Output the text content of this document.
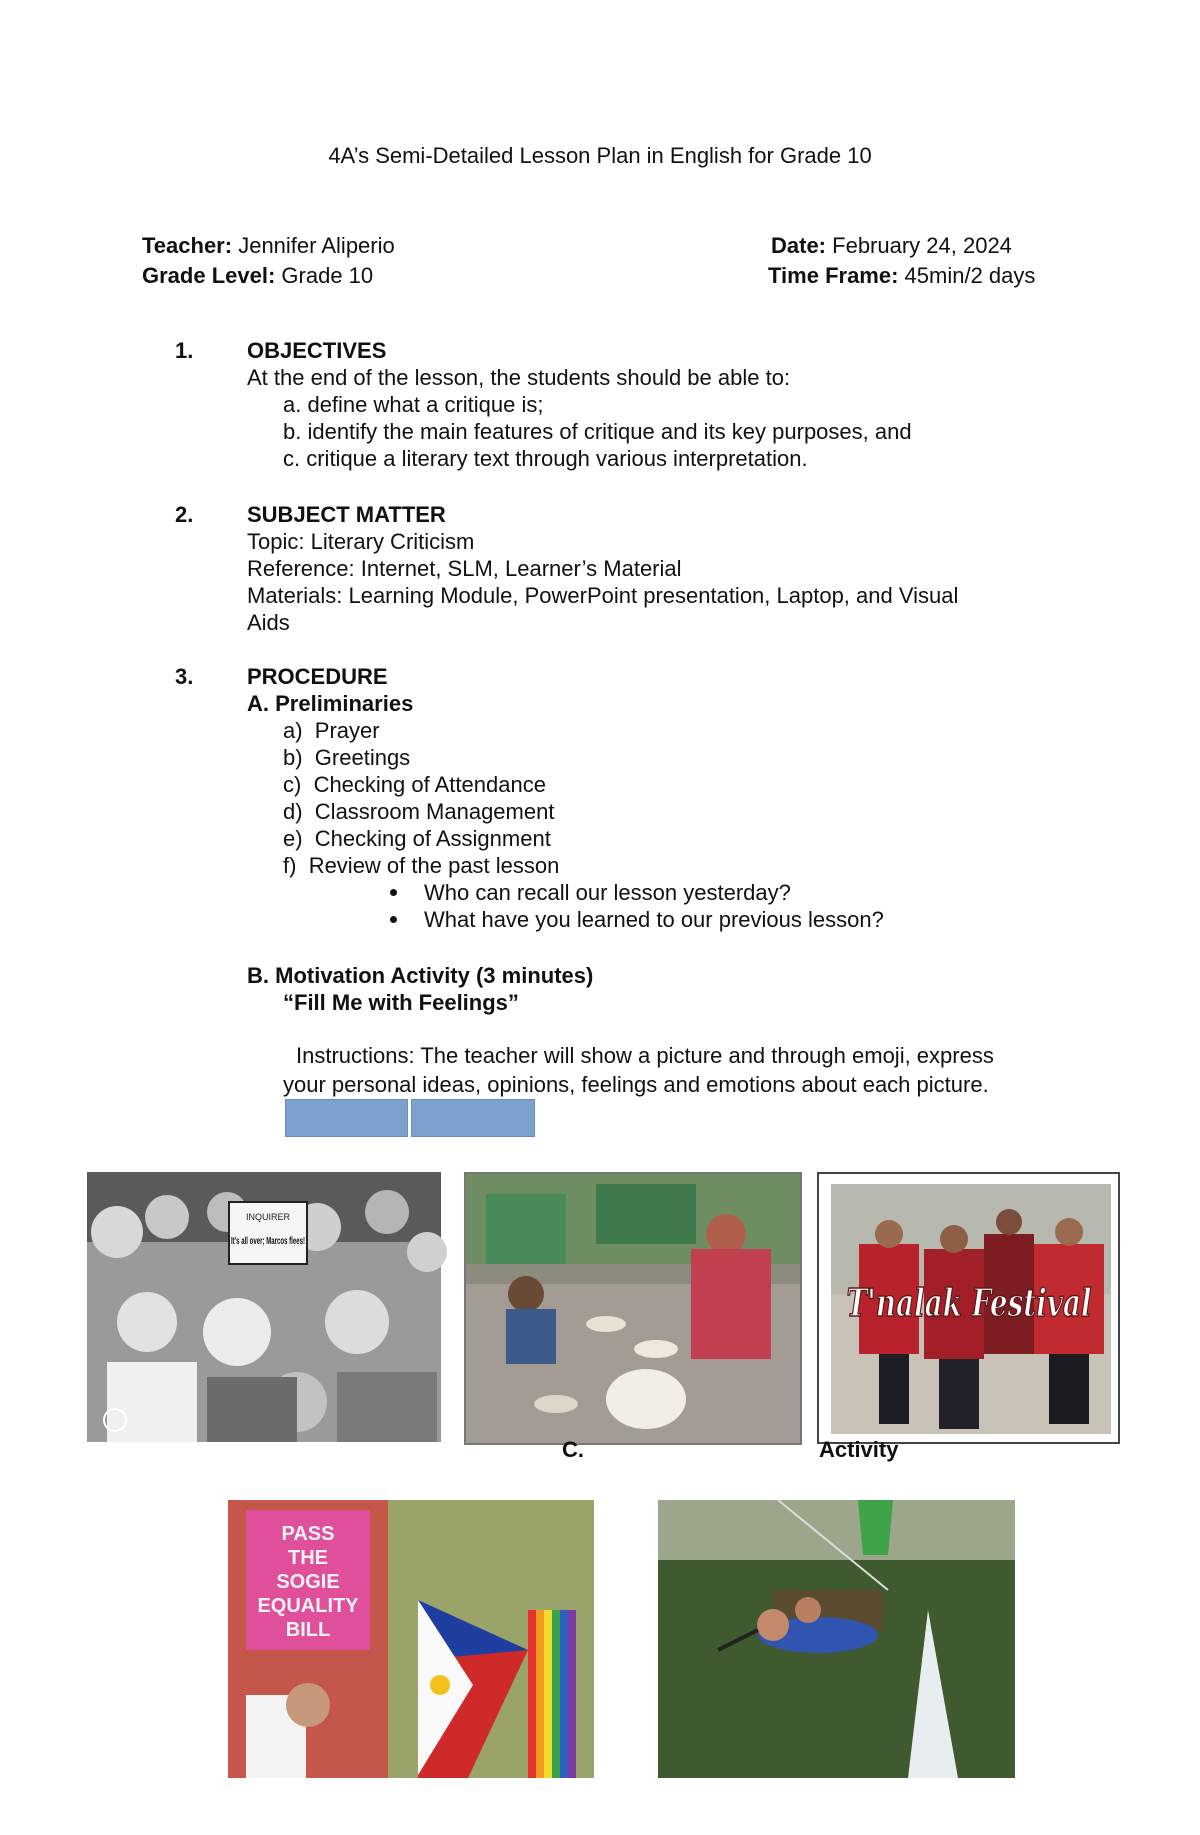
4A’s Semi-Detailed Lesson Plan in English for Grade 10
Teacher: Jennifer Aliperio	Date: February 24, 2024
Grade Level: Grade 10	Time Frame: 45min/2 days
1. OBJECTIVES
At the end of the lesson, the students should be able to:
a. define what a critique is;
b. identify the main features of critique and its key purposes, and
c. critique a literary text through various interpretation.
2. SUBJECT MATTER
Topic: Literary Criticism
Reference: Internet, SLM, Learner’s Material
Materials: Learning Module, PowerPoint presentation, Laptop, and Visual
Aids
3. PROCEDURE
A. Preliminaries
a) Prayer
b) Greetings
c) Checking of Attendance
d) Classroom Management
e) Checking of Assignment
f) Review of the past lesson
Who can recall our lesson yesterday?
What have you learned to our previous lesson?
B. Motivation Activity (3 minutes)
“Fill Me with Feelings”
Instructions: The teacher will show a picture and through emoji, express
your personal ideas, opinions, feelings and emotions about each picture.
INQUIRER
It's all over; Marcos flees!
T'nalak Festival
C.	Activity
PASS THE SOGIE EQUALITY BILL
